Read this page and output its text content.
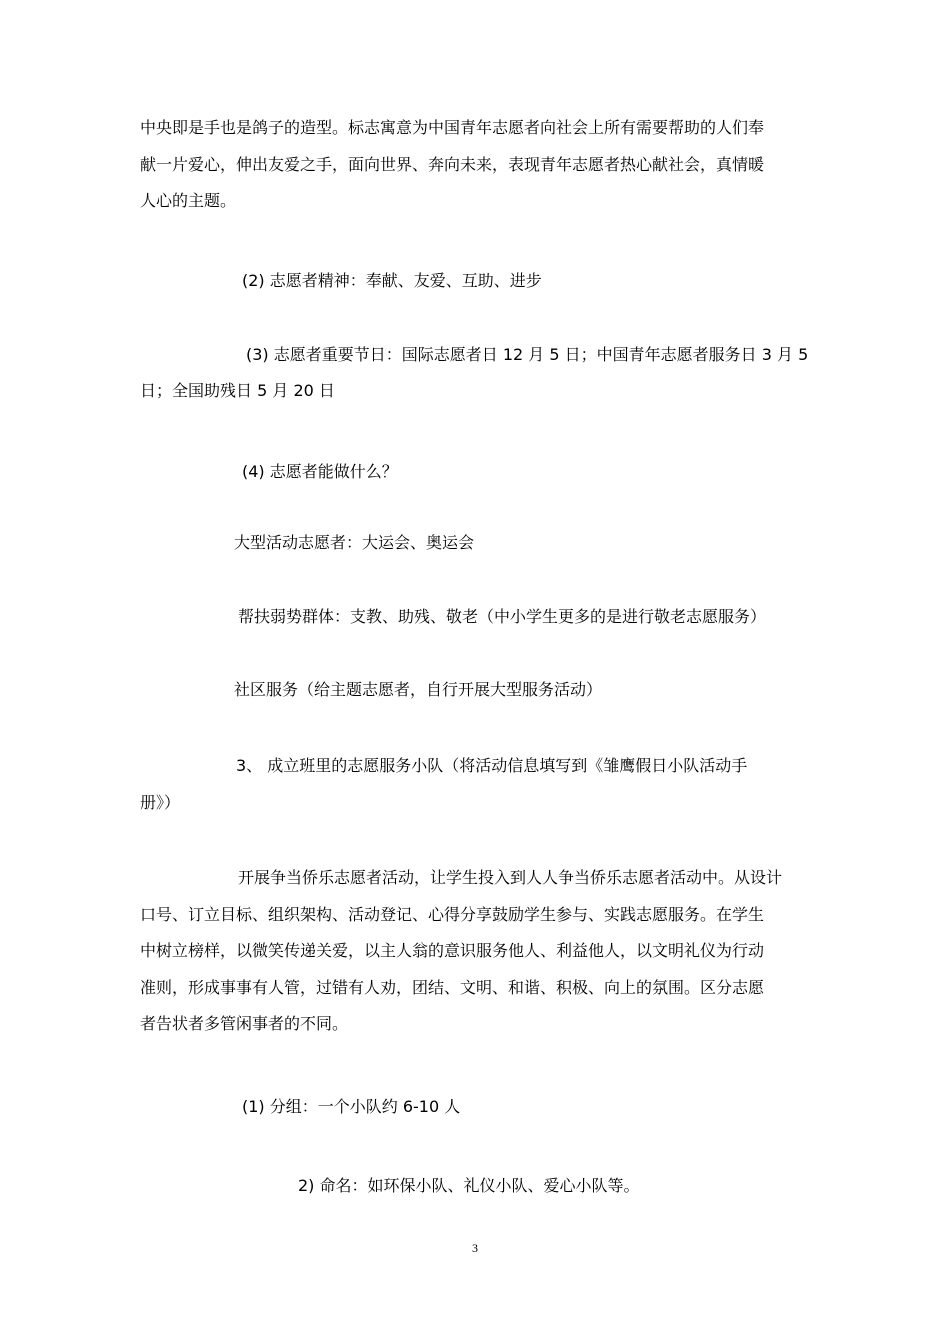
中央即是手也是鸽子的造型。标志寓意为中国青年志愿者向社会上所有需要帮助的人们奉
献一片爱心，伸出友爱之手，面向世界、奔向未来，表现青年志愿者热心献社会，真情暖
人心的主题。
(2) 志愿者精神：奉献、友爱、互助、进步
(3) 志愿者重要节日：国际志愿者日 12 月 5 日；中国青年志愿者服务日 3 月 5
日；全国助残日 5 月 20 日
(4) 志愿者能做什么？
大型活动志愿者：大运会、奥运会
帮扶弱势群体：支教、助残、敬老（中小学生更多的是进行敬老志愿服务）
社区服务（给主题志愿者，自行开展大型服务活动）
3、 成立班里的志愿服务小队（将活动信息填写到《雏鹰假日小队活动手
册》）
开展争当侨乐志愿者活动，让学生投入到人人争当侨乐志愿者活动中。从设计
口号、订立目标、组织架构、活动登记、心得分享鼓励学生参与、实践志愿服务。在学生
中树立榜样，以微笑传递关爱，以主人翁的意识服务他人、利益他人，以文明礼仪为行动
准则，形成事事有人管，过错有人劝，团结、文明、和谐、积极、向上的氛围。区分志愿
者告状者多管闲事者的不同。
(1) 分组：一个小队约 6-10 人
2) 命名：如环保小队、礼仪小队、爱心小队等。
3
